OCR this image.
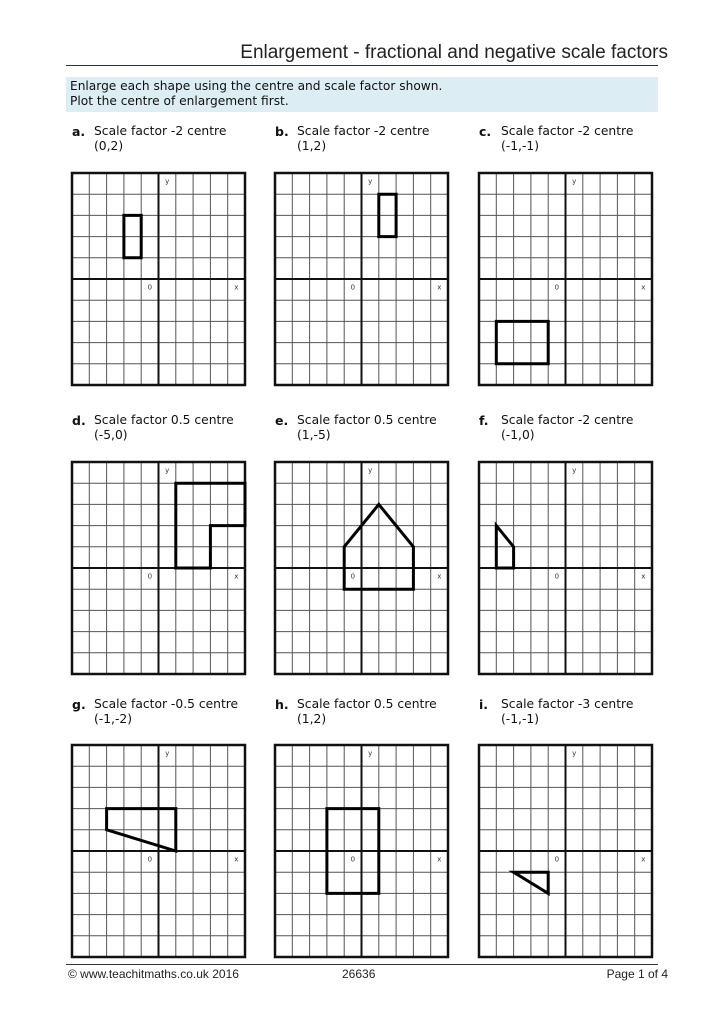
Enlargement - fractional and negative scale factors
Enlarge each shape using the centre and scale factor shown.
Plot the centre of enlargement first.
a. Scale factor -2 centre
(0,2)
b. Scale factor -2 centre
(1,2)
c. Scale factor -2 centre
(-1,-1)
d. Scale factor 0.5 centre
(-5,0)
e. Scale factor 0.5 centre
(1,-5)
f. Scale factor -2 centre
(-1,0)
g. Scale factor -0.5 centre
(-1,-2)
h. Scale factor 0.5 centre
(1,2)
i. Scale factor -3 centre
(-1,-1)
© www.teachitmaths.co.uk 2016	26636	Page 1 of 4
y
0	x
y
0	x
y
0	x
y
0	x
y
0	x
y
0	x
y
0	x
y
0	x
y
0	x
